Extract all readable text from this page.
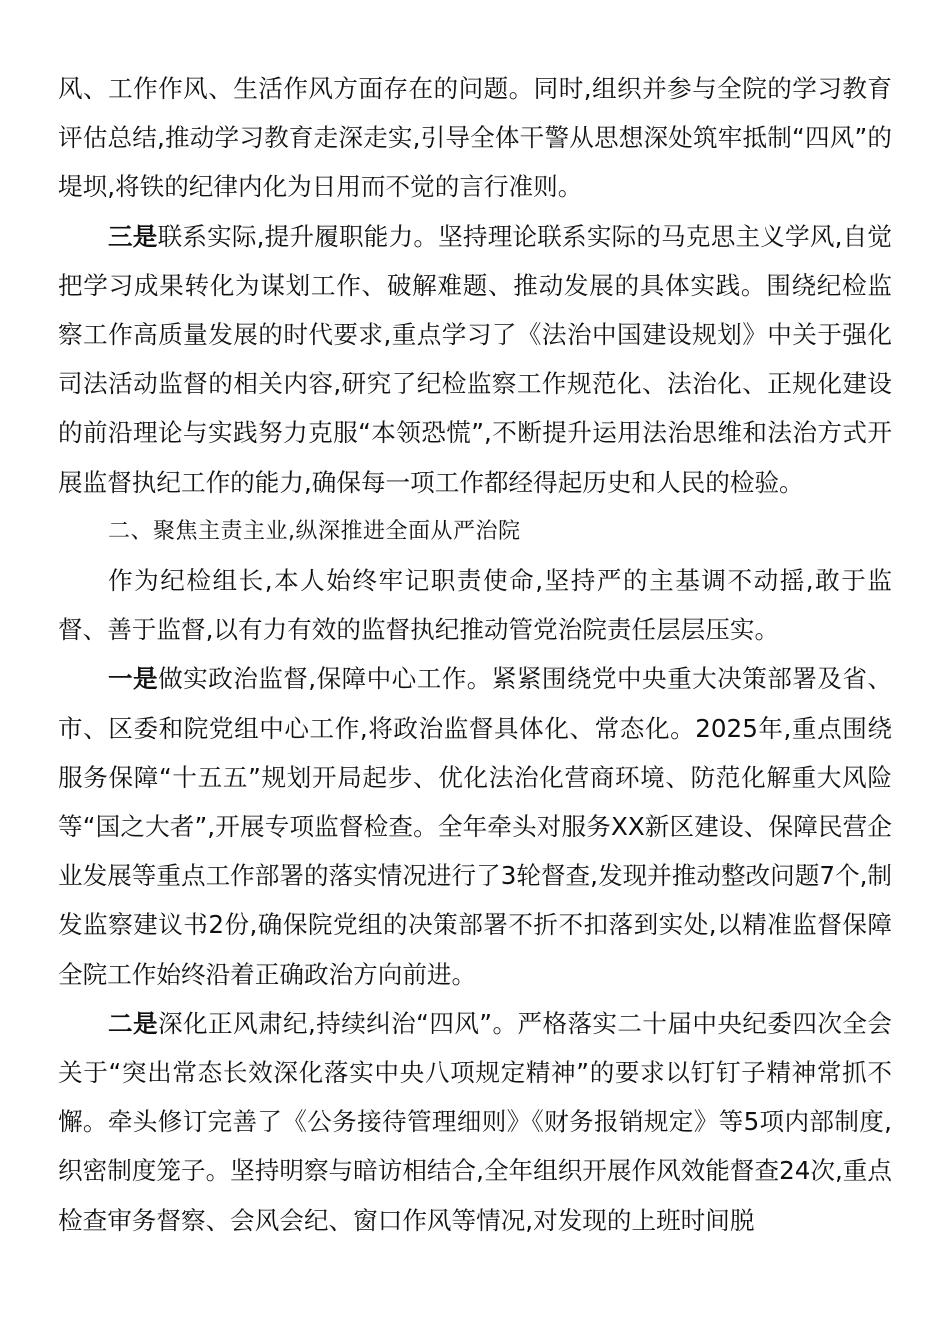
风、工作作风、生活作风方面存在的问题。同时,组织并参与全院的学习教育评估总结,推动学习教育走深走实,引导全体干警从思想深处筑牢抵制“四风”的堤坝,将铁的纪律内化为日用而不觉的言行准则。

三是联系实际,提升履职能力。坚持理论联系实际的马克思主义学风,自觉把学习成果转化为谋划工作、破解难题、推动发展的具体实践。围绕纪检监察工作高质量发展的时代要求,重点学习了《法治中国建设规划》中关于强化司法活动监督的相关内容,研究了纪检监察工作规范化、法治化、正规化建设的前沿理论与实践努力克服“本领恐慌”,不断提升运用法治思维和法治方式开展监督执纪工作的能力,确保每一项工作都经得起历史和人民的检验。

二、聚焦主责主业,纵深推进全面从严治院

作为纪检组长,本人始终牢记职责使命,坚持严的主基调不动摇,敢于监督、善于监督,以有力有效的监督执纪推动管党治院责任层层压实。

一是做实政治监督,保障中心工作。紧紧围绕党中央重大决策部署及省、市、区委和院党组中心工作,将政治监督具体化、常态化。2025年,重点围绕服务保障“十五五”规划开局起步、优化法治化营商环境、防范化解重大风险等“国之大者”,开展专项监督检查。全年牵头对服务XX新区建设、保障民营企业发展等重点工作部署的落实情况进行了3轮督查,发现并推动整改问题7个,制发监察建议书2份,确保院党组的决策部署不折不扣落到实处,以精准监督保障全院工作始终沿着正确政治方向前进。

二是深化正风肃纪,持续纠治“四风”。严格落实二十届中央纪委四次全会关于“突出常态长效深化落实中央八项规定精神”的要求以钉钉子精神常抓不懈。牵头修订完善了《公务接待管理细则》《财务报销规定》等5项内部制度,织密制度笼子。坚持明察与暗访相结合,全年组织开展作风效能督查24次,重点检查审务督察、会风会纪、窗口作风等情况,对发现的上班时间脱
